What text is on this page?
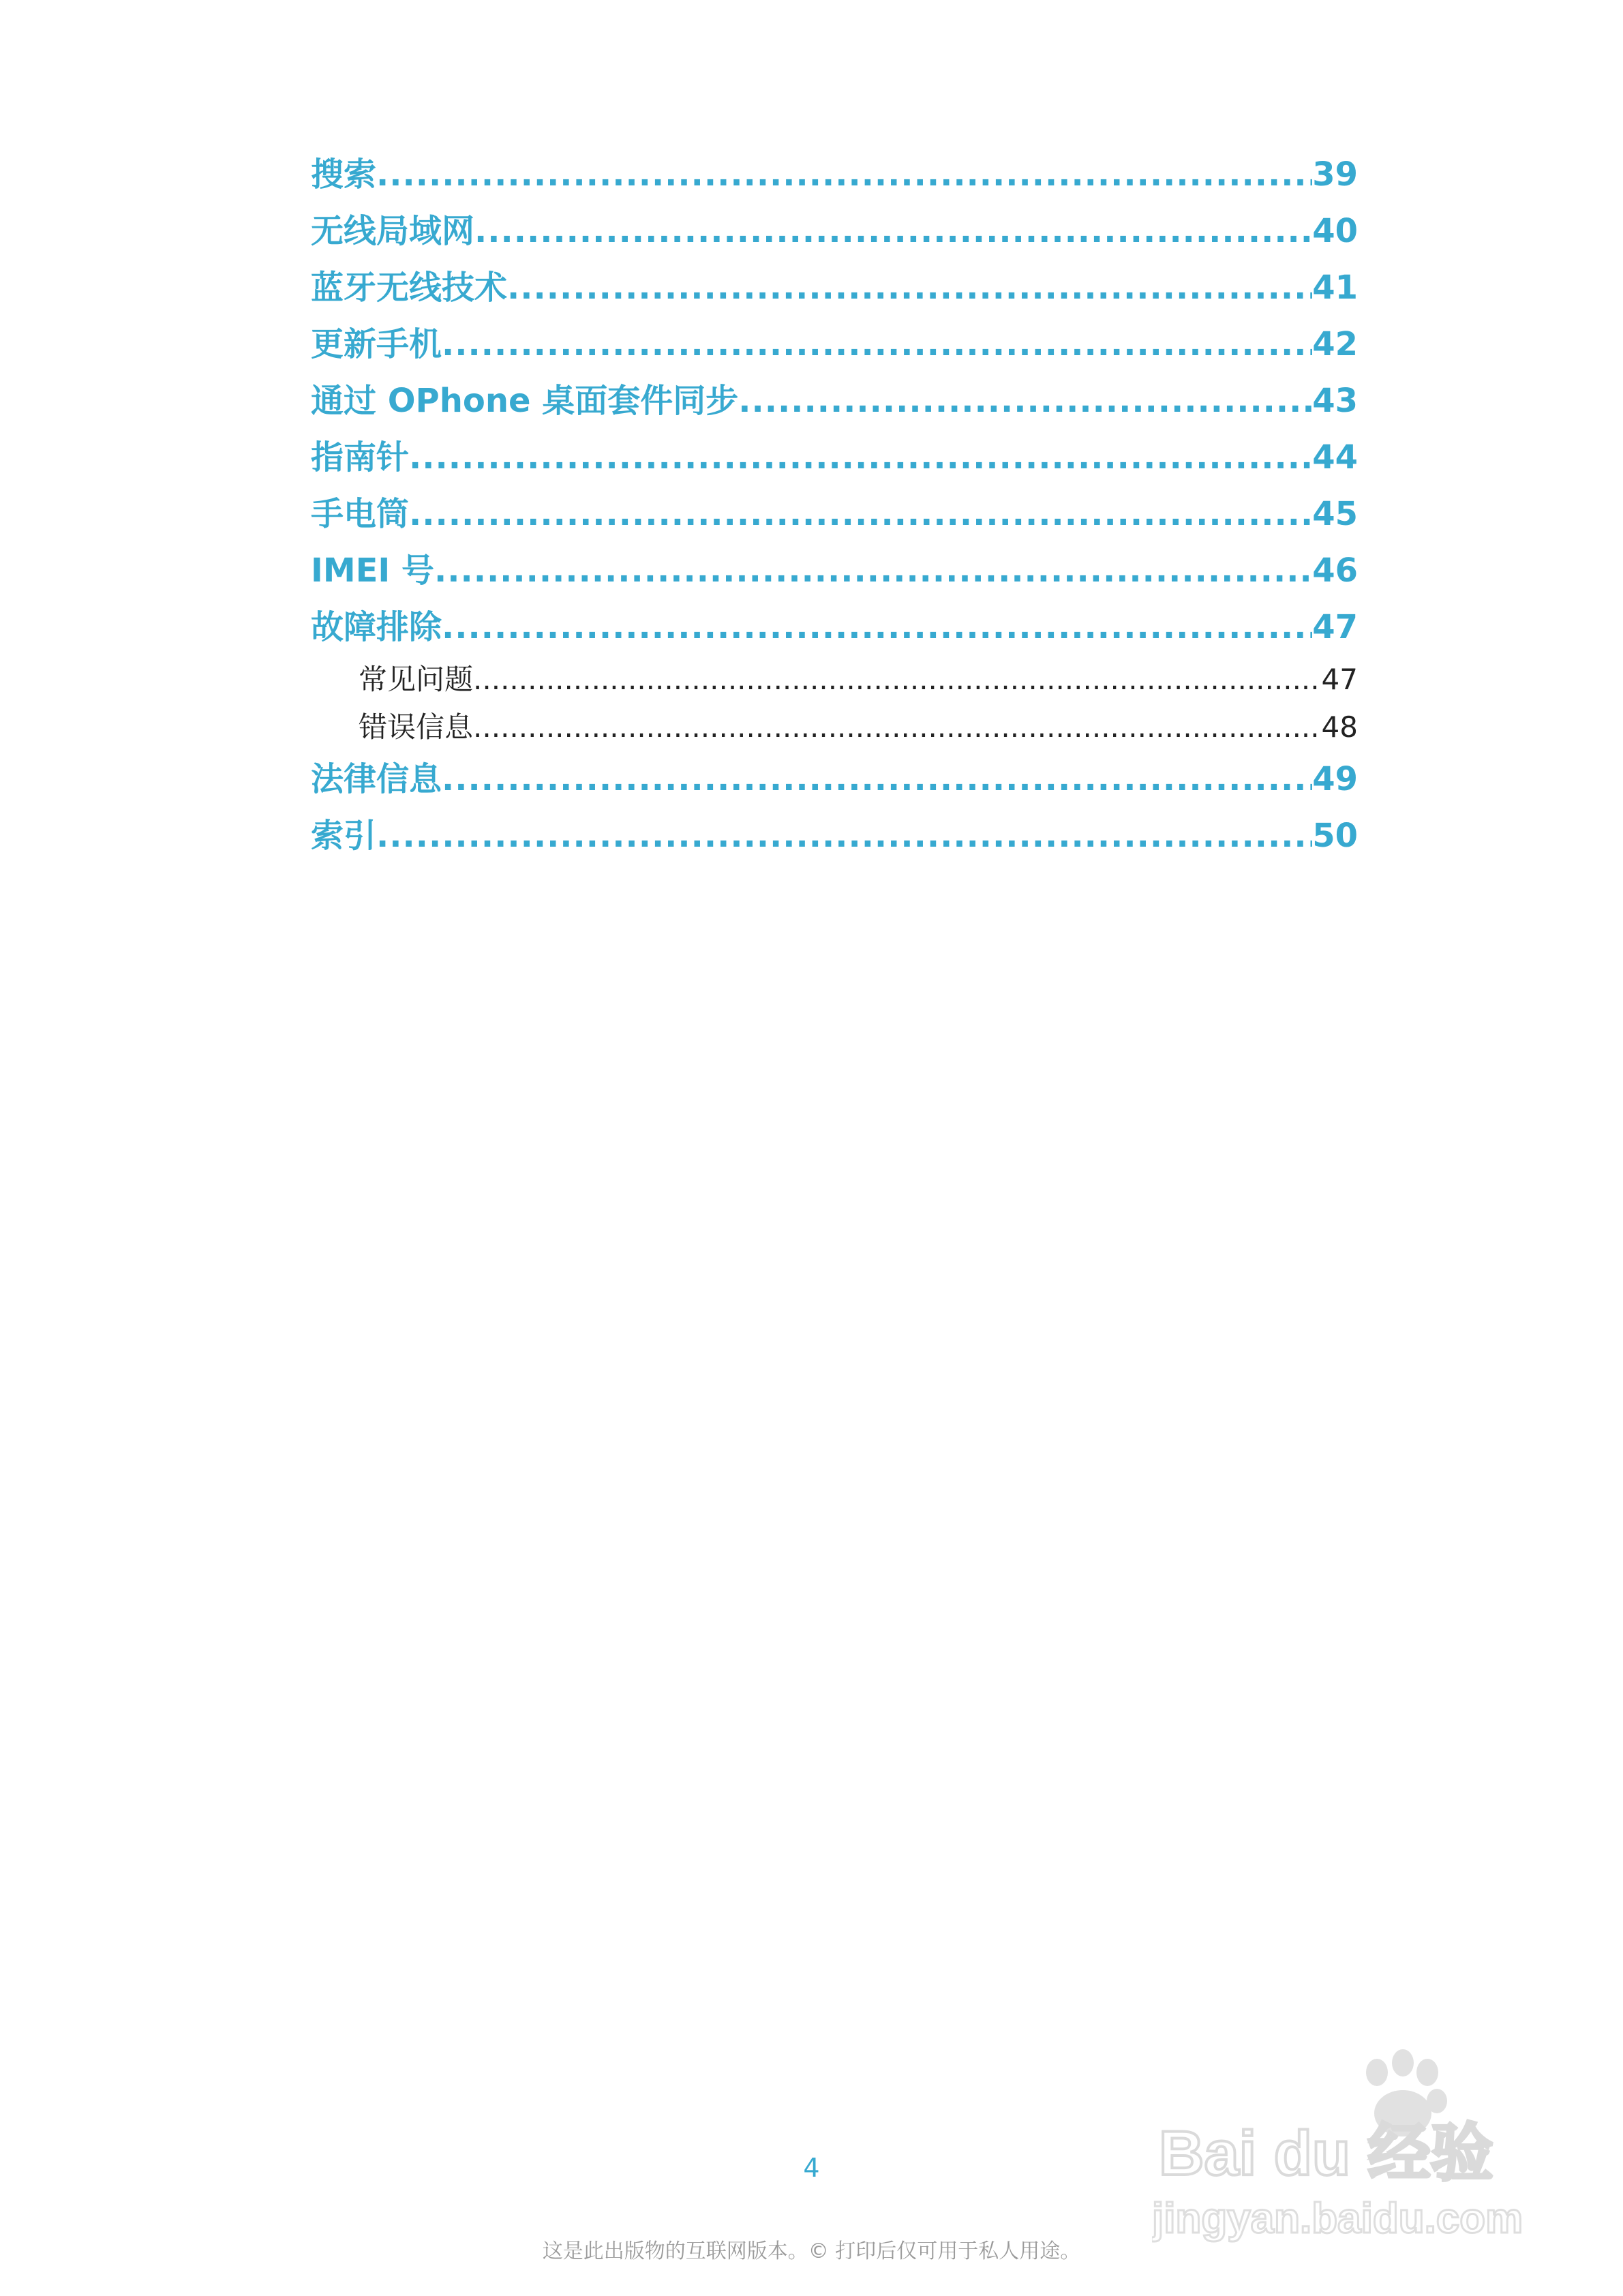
搜索 .....	39
无线局域网 .....	40
蓝牙无线技术 .....	41
更新手机 .....	42
通过 OPhone 桌面套件同步 .....	43
指南针 .....	44
手电筒 .....	45
IMEI 号 .....	46
故障排除 .....	47
常见问题 .....	47
错误信息 .....	48
法律信息 .....	49
索引 .....	50
4
这是此出版物的互联网版本。© 打印后仅可用于私人用途。
Bai du 经验
jingyan.baidu.com
